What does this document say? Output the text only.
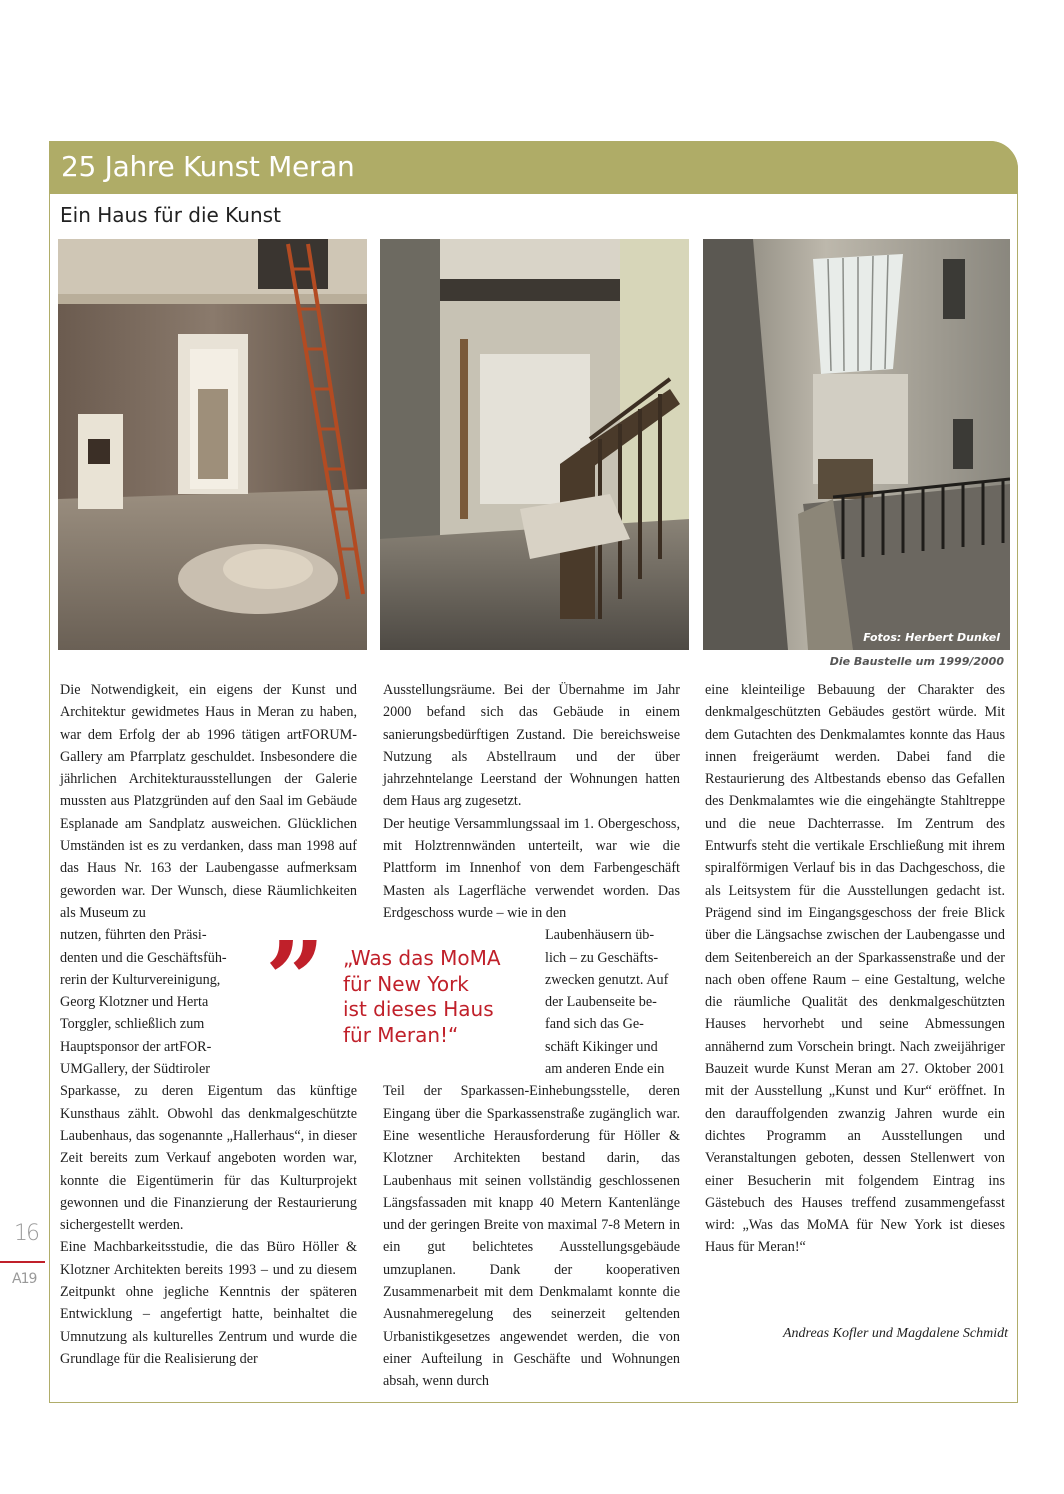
25 Jahre Kunst Meran
Ein Haus für die Kunst
Fotos: Herbert Dunkel
Die Baustelle um 1999/2000

Die Notwendigkeit, ein eigens der Kunst und Architektur gewidmetes Haus in Meran zu haben, war dem Erfolg der ab 1996 tätigen artFORUM-Gallery am Pfarrplatz geschuldet. Insbesondere die jährlichen Architekturausstellungen der Galerie mussten aus Platzgründen auf den Saal im Gebäude Esplanade am Sandplatz ausweichen. Glücklichen Umständen ist es zu verdanken, dass man 1998 auf das Haus Nr. 163 der Laubengasse aufmerksam geworden war. Der Wunsch, diese Räumlichkeiten als Museum zu

nutzen, führten den Präsi-
denten und die Geschäftsfüh-
rerin der Kulturvereinigung,
Georg Klotzner und Herta
Torggler, schließlich zum
Hauptsponsor der artFOR-
UMGallery, der Südtiroler

Sparkasse, zu deren Eigentum das künftige Kunsthaus zählt. Obwohl das denkmalgeschützte Laubenhaus, das sogenannte „Hallerhaus“, in dieser Zeit bereits zum Verkauf angeboten worden war, konnte die Eigentümerin für das Kulturprojekt gewonnen und die Finanzierung der Restaurierung sichergestellt werden.

Eine Machbarkeitsstudie, die das Büro Höller & Klotzner Architekten bereits 1993 – und zu diesem Zeitpunkt ohne jegliche Kenntnis der späteren Entwicklung – angefertigt hatte, beinhaltet die Umnutzung als kulturelles Zentrum und wurde die Grundlage für die Realisierung der

” „Was das MoMA
für New York
ist dieses Haus
für Meran!“

Ausstellungsräume. Bei der Übernahme im Jahr 2000 befand sich das Gebäude in einem sanierungsbedürftigen Zustand. Die bereichsweise Nutzung als Abstellraum und der über jahrzehntelange Leerstand der Wohnungen hatten dem Haus arg zugesetzt.

Der heutige Versammlungssaal im 1. Obergeschoss, mit Holztrennwänden unterteilt, war wie die Plattform im Innenhof von dem Farbengeschäft Masten als Lagerfläche verwendet worden. Das Erdgeschoss wurde – wie in den

Laubenhäusern üb-
lich – zu Geschäfts-
zwecken genutzt. Auf
der Laubenseite be-
fand sich das Ge-
schäft Kikinger und
am anderen Ende ein

Teil der Sparkassen-Einhebungsstelle, deren Eingang über die Sparkassenstraße zugänglich war. Eine wesentliche Herausforderung für Höller & Klotzner Architekten bestand darin, das Laubenhaus mit seinen vollständig geschlossenen Längsfassaden mit knapp 40 Metern Kantenlänge und der geringen Breite von maximal 7-8 Metern in ein gut belichtetes Ausstellungsgebäude umzuplanen. Dank der kooperativen Zusammenarbeit mit dem Denkmalamt konnte die Ausnahmeregelung des seinerzeit geltenden Urbanistikgesetzes angewendet werden, die von einer Aufteilung in Geschäfte und Wohnungen absah, wenn durch

eine kleinteilige Bebauung der Charakter des denkmalgeschützten Gebäudes gestört würde. Mit dem Gutachten des Denkmalamtes konnte das Haus innen freigeräumt werden. Dabei fand die Restaurierung des Altbestands ebenso das Gefallen des Denkmalamtes wie die eingehängte Stahltreppe und die neue Dachterrasse. Im Zentrum des Entwurfs steht die vertikale Erschließung mit ihrem spiralförmigen Verlauf bis in das Dachgeschoss, die als Leitsystem für die Ausstellungen gedacht ist. Prägend sind im Eingangsgeschoss der freie Blick über die Längsachse zwischen der Laubengasse und dem Seitenbereich an der Sparkassenstraße und der nach oben offene Raum – eine Gestaltung, welche die räumliche Qualität des denkmalgeschützten Hauses hervorhebt und seine Abmessungen annähernd zum Vorschein bringt. Nach zweijähriger Bauzeit wurde Kunst Meran am 27. Oktober 2001 mit der Ausstellung „Kunst und Kur“ eröffnet. In den darauffolgenden zwanzig Jahren wurde ein dichtes Programm an Ausstellungen und Veranstaltungen geboten, dessen Stellenwert von einer Besucherin mit folgendem Eintrag ins Gästebuch des Hauses treffend zusammengefasst wird: „Was das MoMA für New York ist dieses Haus für Meran!“

Andreas Kofler und Magdalene Schmidt
16
A19
